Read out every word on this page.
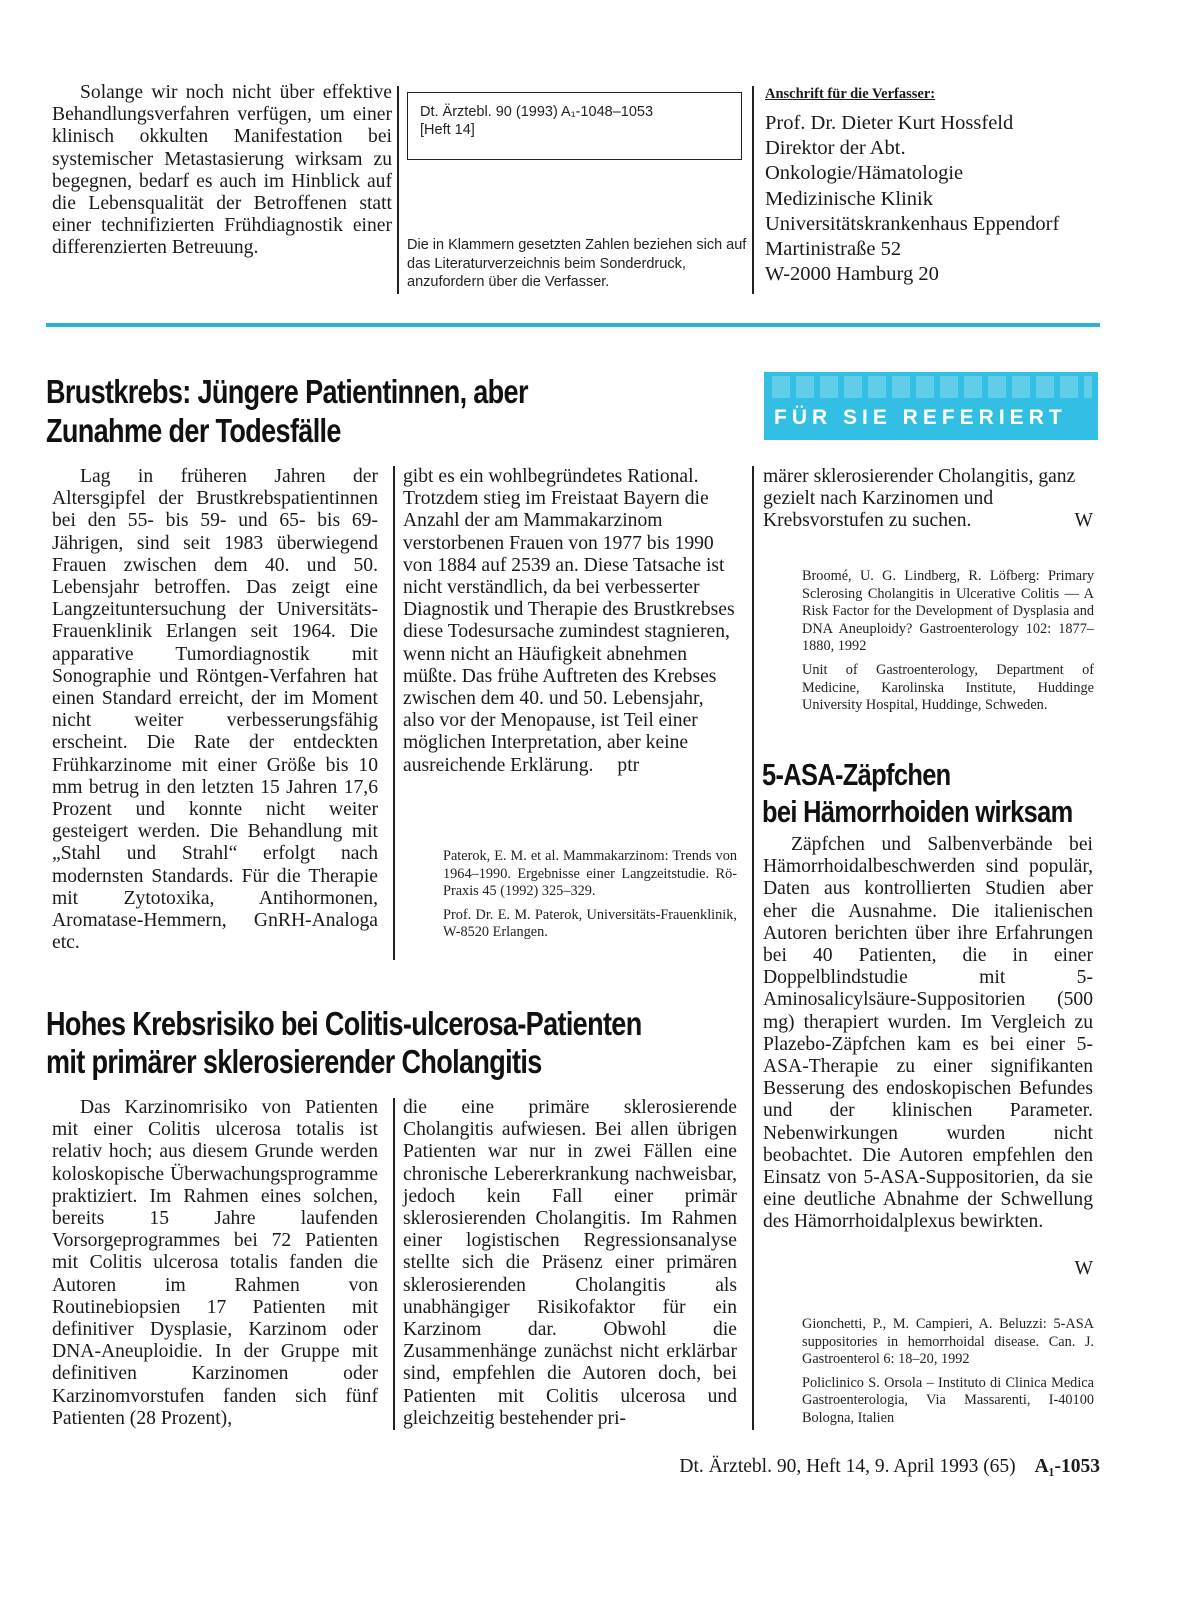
Solange wir noch nicht über effektive Behandlungsverfahren verfügen, um einer klinisch okkulten Manifestation bei systemischer Metastasierung wirksam zu begegnen, bedarf es auch im Hinblick auf die Lebensqualität der Betroffenen statt einer technifizierten Frühdiagnostik einer differenzierten Betreuung.

Dt. Ärztebl. 90 (1993) A₁-1048–1053
[Heft 14]

Die in Klammern gesetzten Zahlen beziehen sich auf das Literaturverzeichnis beim Sonderdruck, anzufordern über die Verfasser.

Anschrift für die Verfasser:
Prof. Dr. Dieter Kurt Hossfeld
Direktor der Abt.
Onkologie/Hämatologie
Medizinische Klinik
Universitätskrankenhaus Eppendorf
Martinistraße 52
W-2000 Hamburg 20
FÜR SIE REFERIERT
Brustkrebs: Jüngere Patientinnen, aber
Zunahme der Todesfälle

Lag in früheren Jahren der Altersgipfel der Brustkrebspatientinnen bei den 55- bis 59- und 65- bis 69-Jährigen, sind seit 1983 überwiegend Frauen zwischen dem 40. und 50. Lebensjahr betroffen. Das zeigt eine Langzeituntersuchung der Universitäts-Frauenklinik Erlangen seit 1964. Die apparative Tumordiagnostik mit Sonographie und Röntgen-Verfahren hat einen Standard erreicht, der im Moment nicht weiter verbesserungsfähig erscheint. Die Rate der entdeckten Frühkarzinome mit einer Größe bis 10 mm betrug in den letzten 15 Jahren 17,6 Prozent und konnte nicht weiter gesteigert werden. Die Behandlung mit „Stahl und Strahl“ erfolgt nach modernsten Standards. Für die Therapie mit Zytotoxika, Antihormonen, Aromatase-Hemmern, GnRH-Analoga etc.

gibt es ein wohlbegründetes Rational. Trotzdem stieg im Freistaat Bayern die Anzahl der am Mammakarzinom verstorbenen Frauen von 1977 bis 1990 von 1884 auf 2539 an. Diese Tatsache ist nicht verständlich, da bei verbesserter Diagnostik und Therapie des Brustkrebses diese Todesursache zumindest stagnieren, wenn nicht an Häufigkeit abnehmen müßte. Das frühe Auftreten des Krebses zwischen dem 40. und 50. Lebensjahr, also vor der Menopause, ist Teil einer möglichen Interpretation, aber keine ausreichende Erklärung. ptr

Paterok, E. M. et al. Mammakarzinom: Trends von 1964–1990. Ergebnisse einer Langzeitstudie. Rö-Praxis 45 (1992) 325–329.

Prof. Dr. E. M. Paterok, Universitäts-Frauenklinik, W-8520 Erlangen.

Hohes Krebsrisiko bei Colitis-ulcerosa-Patienten
mit primärer sklerosierender Cholangitis

Das Karzinomrisiko von Patienten mit einer Colitis ulcerosa totalis ist relativ hoch; aus diesem Grunde werden koloskopische Überwachungsprogramme praktiziert. Im Rahmen eines solchen, bereits 15 Jahre laufenden Vorsorgeprogrammes bei 72 Patienten mit Colitis ulcerosa totalis fanden die Autoren im Rahmen von Routinebiopsien 17 Patienten mit definitiver Dysplasie, Karzinom oder DNA-Aneuploidie. In der Gruppe mit definitiven Karzinomen oder Karzinomvorstufen fanden sich fünf Patienten (28 Prozent),

die eine primäre sklerosierende Cholangitis aufwiesen. Bei allen übrigen Patienten war nur in zwei Fällen eine chronische Lebererkrankung nachweisbar, jedoch kein Fall einer primär sklerosierenden Cholangitis. Im Rahmen einer logistischen Regressionsanalyse stellte sich die Präsenz einer primären sklerosierenden Cholangitis als unabhängiger Risikofaktor für ein Karzinom dar. Obwohl die Zusammenhänge zunächst nicht erklärbar sind, empfehlen die Autoren doch, bei Patienten mit Colitis ulcerosa und gleichzeitig bestehender pri-

märer sklerosierender Cholangitis, ganz gezielt nach Karzinomen und Krebsvorstufen zu suchen.	W

Broomé, U. G. Lindberg, R. Löfberg: Primary Sclerosing Cholangitis in Ulcerative Colitis — A Risk Factor for the Development of Dysplasia and DNA Aneuploidy? Gastroenterology 102: 1877–1880, 1992

Unit of Gastroenterology, Department of Medicine, Karolinska Institute, Huddinge University Hospital, Huddinge, Schweden.

5-ASA-Zäpfchen
bei Hämorrhoiden wirksam

Zäpfchen und Salbenverbände bei Hämorrhoidalbeschwerden sind populär, Daten aus kontrollierten Studien aber eher die Ausnahme. Die italienischen Autoren berichten über ihre Erfahrungen bei 40 Patienten, die in einer Doppelblindstudie mit 5-Aminosalicylsäure-Suppositorien (500 mg) therapiert wurden. Im Vergleich zu Plazebo-Zäpfchen kam es bei einer 5-ASA-Therapie zu einer signifikanten Besserung des endoskopischen Befundes und der klinischen Parameter. Nebenwirkungen wurden nicht beobachtet. Die Autoren empfehlen den Einsatz von 5-ASA-Suppositorien, da sie eine deutliche Abnahme der Schwellung des Hämorrhoidalplexus bewirkten.

W

Gionchetti, P., M. Campieri, A. Beluzzi: 5-ASA suppositories in hemorrhoidal disease. Can. J. Gastroenterol 6: 18–20, 1992

Policlinico S. Orsola – Instituto di Clinica Medica Gastroenterologia, Via Massarenti, I-40100 Bologna, Italien

Dt. Ärztebl. 90, Heft 14, 9. April 1993 (65) A₁-1053
